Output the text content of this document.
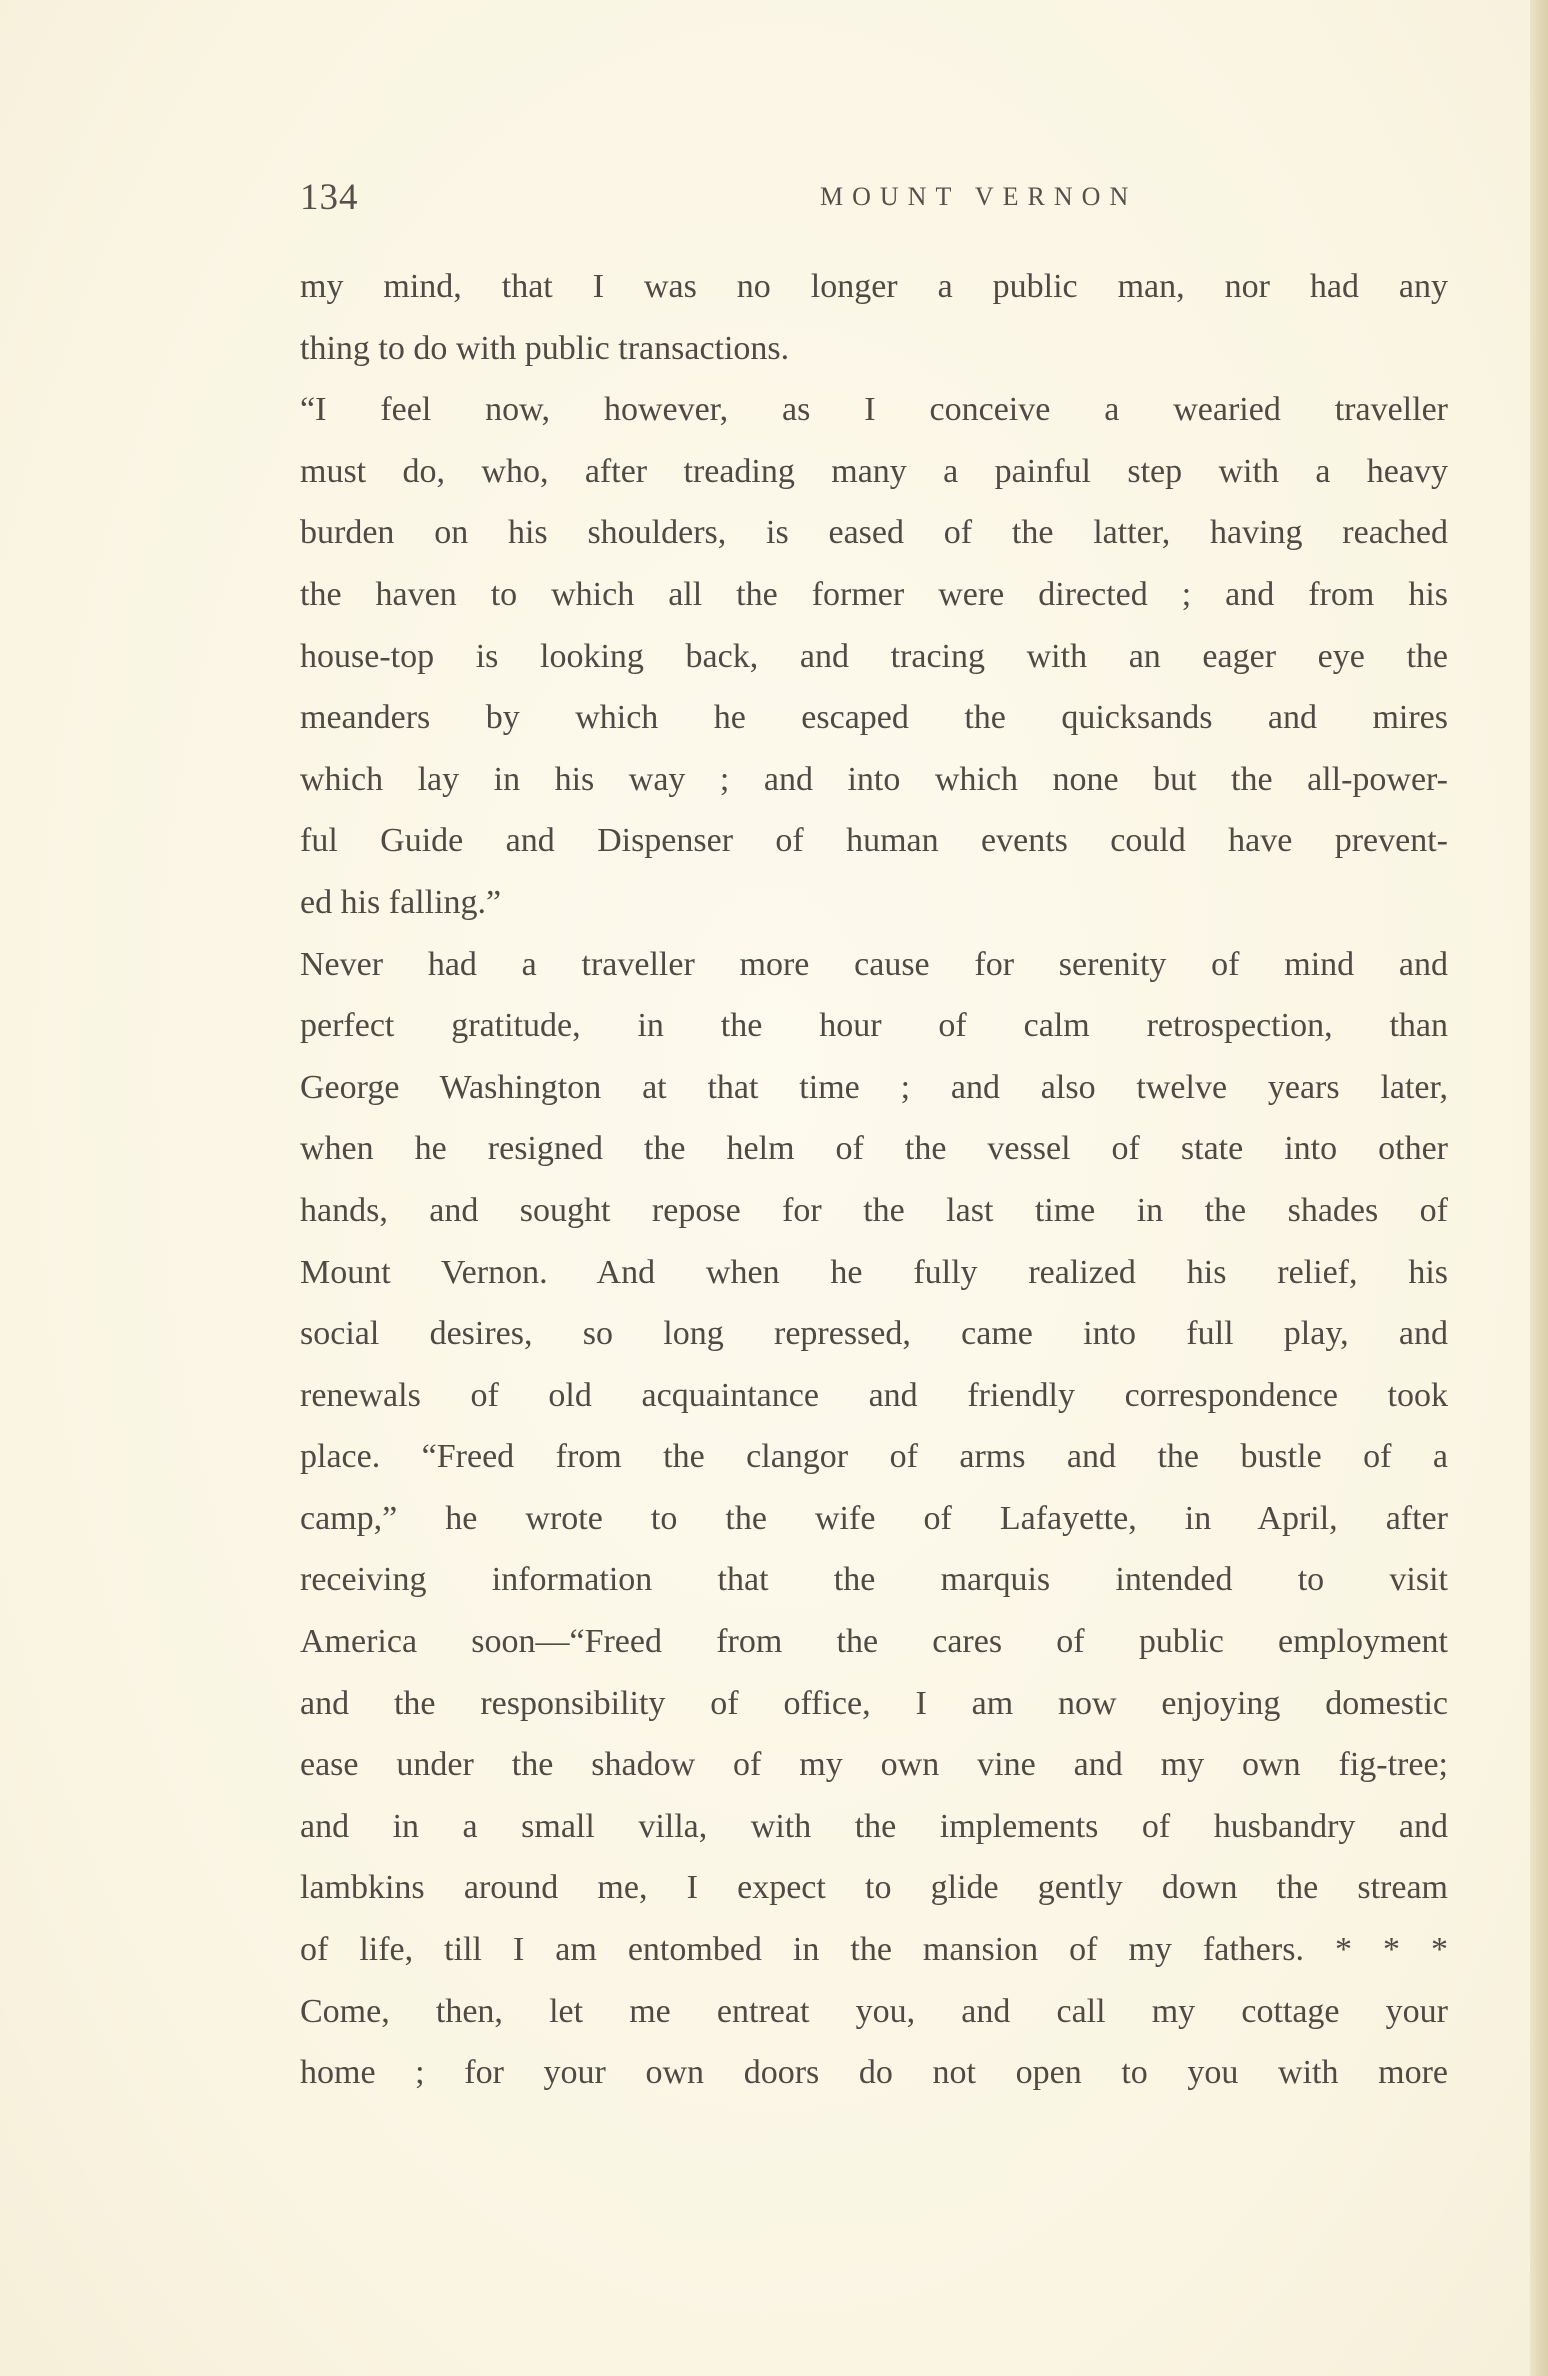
134	MOUNT VERNON
my mind, that I was no longer a public man, nor had any
thing to do with public transactions.
“I feel now, however, as I conceive a wearied traveller
must do, who, after treading many a painful step with a heavy
burden on his shoulders, is eased of the latter, having reached
the haven to which all the former were directed ; and from his
house-top is looking back, and tracing with an eager eye the
meanders by which he escaped the quicksands and mires
which lay in his way ; and into which none but the all-power-
ful Guide and Dispenser of human events could have prevent-
ed his falling.”
Never had a traveller more cause for serenity of mind and
perfect gratitude, in the hour of calm retrospection, than
George Washington at that time ; and also twelve years later,
when he resigned the helm of the vessel of state into other
hands, and sought repose for the last time in the shades of
Mount Vernon. And when he fully realized his relief, his
social desires, so long repressed, came into full play, and
renewals of old acquaintance and friendly correspondence took
place. “Freed from the clangor of arms and the bustle of a
camp,” he wrote to the wife of Lafayette, in April, after
receiving information that the marquis intended to visit
America soon—“Freed from the cares of public employment
and the responsibility of office, I am now enjoying domestic
ease under the shadow of my own vine and my own fig-tree;
and in a small villa, with the implements of husbandry and
lambkins around me, I expect to glide gently down the stream
of life, till I am entombed in the mansion of my fathers. * * *
Come, then, let me entreat you, and call my cottage your
home ; for your own doors do not open to you with more
